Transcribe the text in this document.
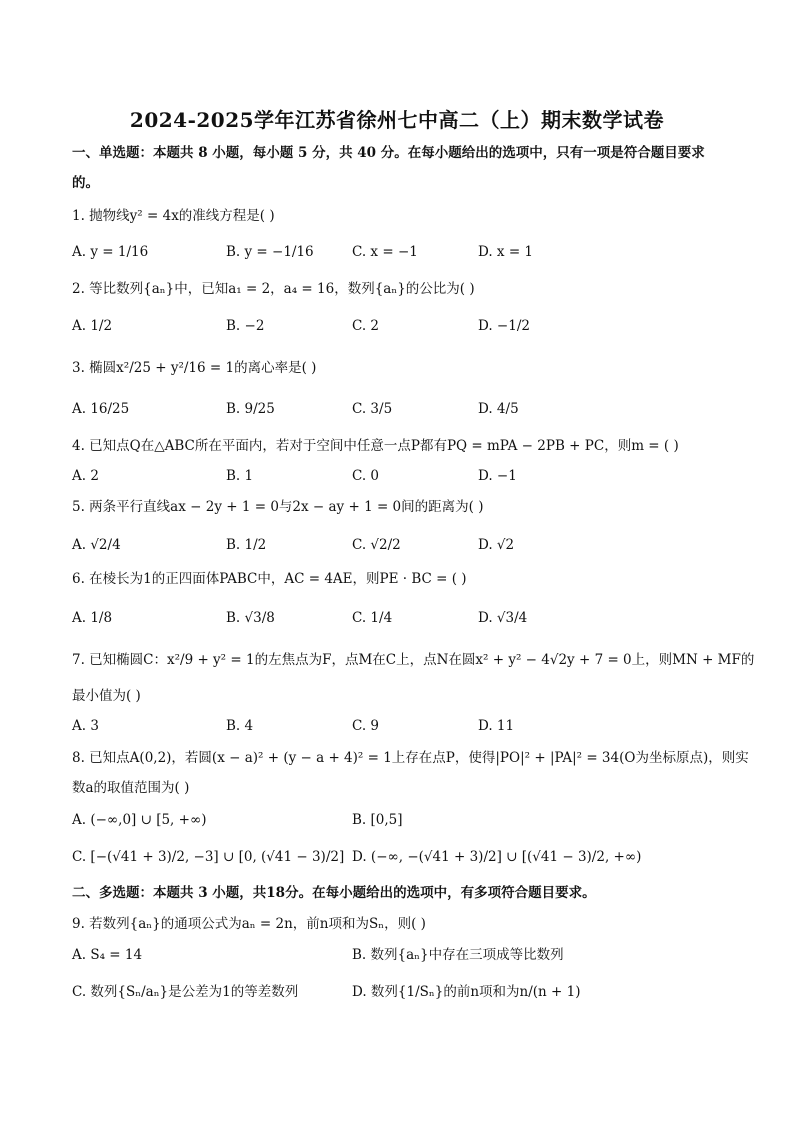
2024-2025学年江苏省徐州七中高二（上）期末数学试卷
一、单选题：本题共 8 小题，每小题 5 分，共 40 分。在每小题给出的选项中，只有一项是符合题目要求
的。
1. 抛物线y² = 4x的准线方程是( )
A. y = 1/16	B. y = −1/16	C. x = −1	D. x = 1
2. 等比数列{aₙ}中，已知a₁ = 2，a₄ = 16，数列{aₙ}的公比为( )
A. 1/2	B. −2	C. 2	D. −1/2
3. 椭圆x²/25 + y²/16 = 1的离心率是( )
A. 16/25	B. 9/25	C. 3/5	D. 4/5
4. 已知点Q在△ABC所在平面内，若对于空间中任意一点P都有PQ = mPA − 2PB + PC，则m = ( )
A. 2	B. 1	C. 0	D. −1
5. 两条平行直线ax − 2y + 1 = 0与2x − ay + 1 = 0间的距离为( )
A. √2/4	B. 1/2	C. √2/2	D. √2
6. 在棱长为1的正四面体PABC中，AC = 4AE，则PE · BC = ( )
A. 1/8	B. √3/8	C. 1/4	D. √3/4
7. 已知椭圆C：x²/9 + y² = 1的左焦点为F，点M在C上，点N在圆x² + y² − 4√2y + 7 = 0上，则MN + MF的
最小值为( )
A. 3	B. 4	C. 9	D. 11
8. 已知点A(0,2)，若圆(x − a)² + (y − a + 4)² = 1上存在点P，使得|PO|² + |PA|² = 34(O为坐标原点)，则实
数a的取值范围为( )
A. (−∞,0] ∪ [5, +∞)	B. [0,5]
C. [−(√41 + 3)/2, −3] ∪ [0, (√41 − 3)/2] D. (−∞, −(√41 + 3)/2] ∪ [(√41 − 3)/2, +∞)
二、多选题：本题共 3 小题，共18分。在每小题给出的选项中，有多项符合题目要求。
9. 若数列{aₙ}的通项公式为aₙ = 2n，前n项和为Sₙ，则( )
A. S₄ = 14	B. 数列{aₙ}中存在三项成等比数列
C. 数列{Sₙ/aₙ}是公差为1的等差数列	D. 数列{1/Sₙ}的前n项和为n/(n + 1)
